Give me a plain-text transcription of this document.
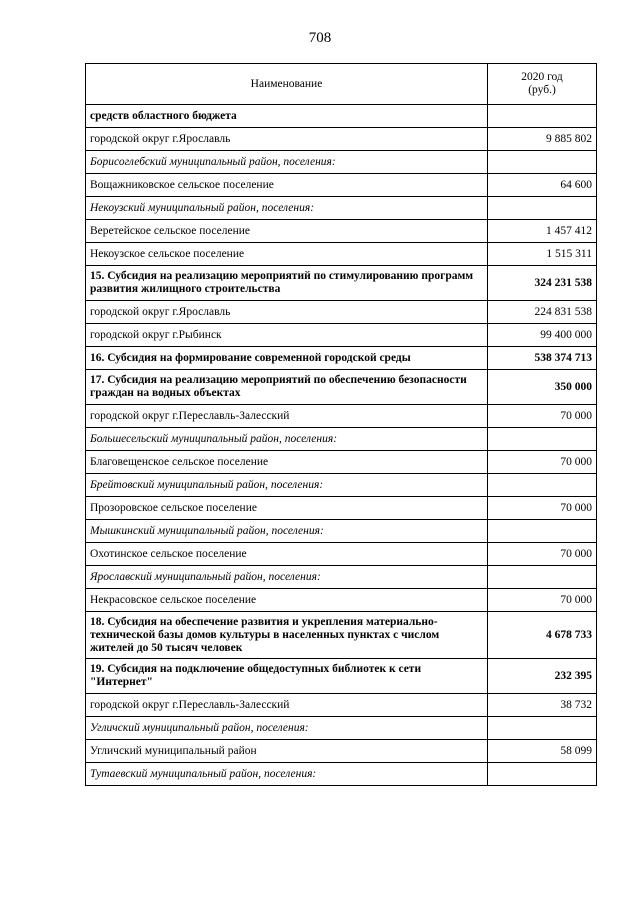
708
Наименование	2020 год
(руб.)
средств областного бюджета	
городской округ г.Ярославль	9 885 802
Борисоглебский муниципальный район, поселения:	
Вощажниковское сельское поселение	64 600
Некоузский муниципальный район, поселения:	
Веретейское сельское поселение	1 457 412
Некоузское сельское поселение	1 515 311
15. Субсидия на реализацию мероприятий по стимулированию программ развития жилищного строительства	324 231 538
городской округ г.Ярославль	224 831 538
городской округ г.Рыбинск	99 400 000
16. Субсидия на формирование современной городской среды	538 374 713
17. Субсидия на реализацию мероприятий по обеспечению безопасности граждан на водных объектах	350 000
городской округ г.Переславль-Залесский	70 000
Большесельский муниципальный район, поселения:	
Благовещенское сельское поселение	70 000
Брейтовский муниципальный район, поселения:	
Прозоровское сельское поселение	70 000
Мышкинский муниципальный район, поселения:	
Охотинское сельское поселение	70 000
Ярославский муниципальный район, поселения:	
Некрасовское сельское поселение	70 000
18. Субсидия на обеспечение развития и укрепления материально-технической базы домов культуры в населенных пунктах с числом жителей до 50 тысяч человек	4 678 733
19. Субсидия на подключение общедоступных библиотек к сети "Интернет"	232 395
городской округ г.Переславль-Залесский	38 732
Угличский муниципальный район, поселения:	
Угличский муниципальный район	58 099
Тутаевский муниципальный район, поселения:	
